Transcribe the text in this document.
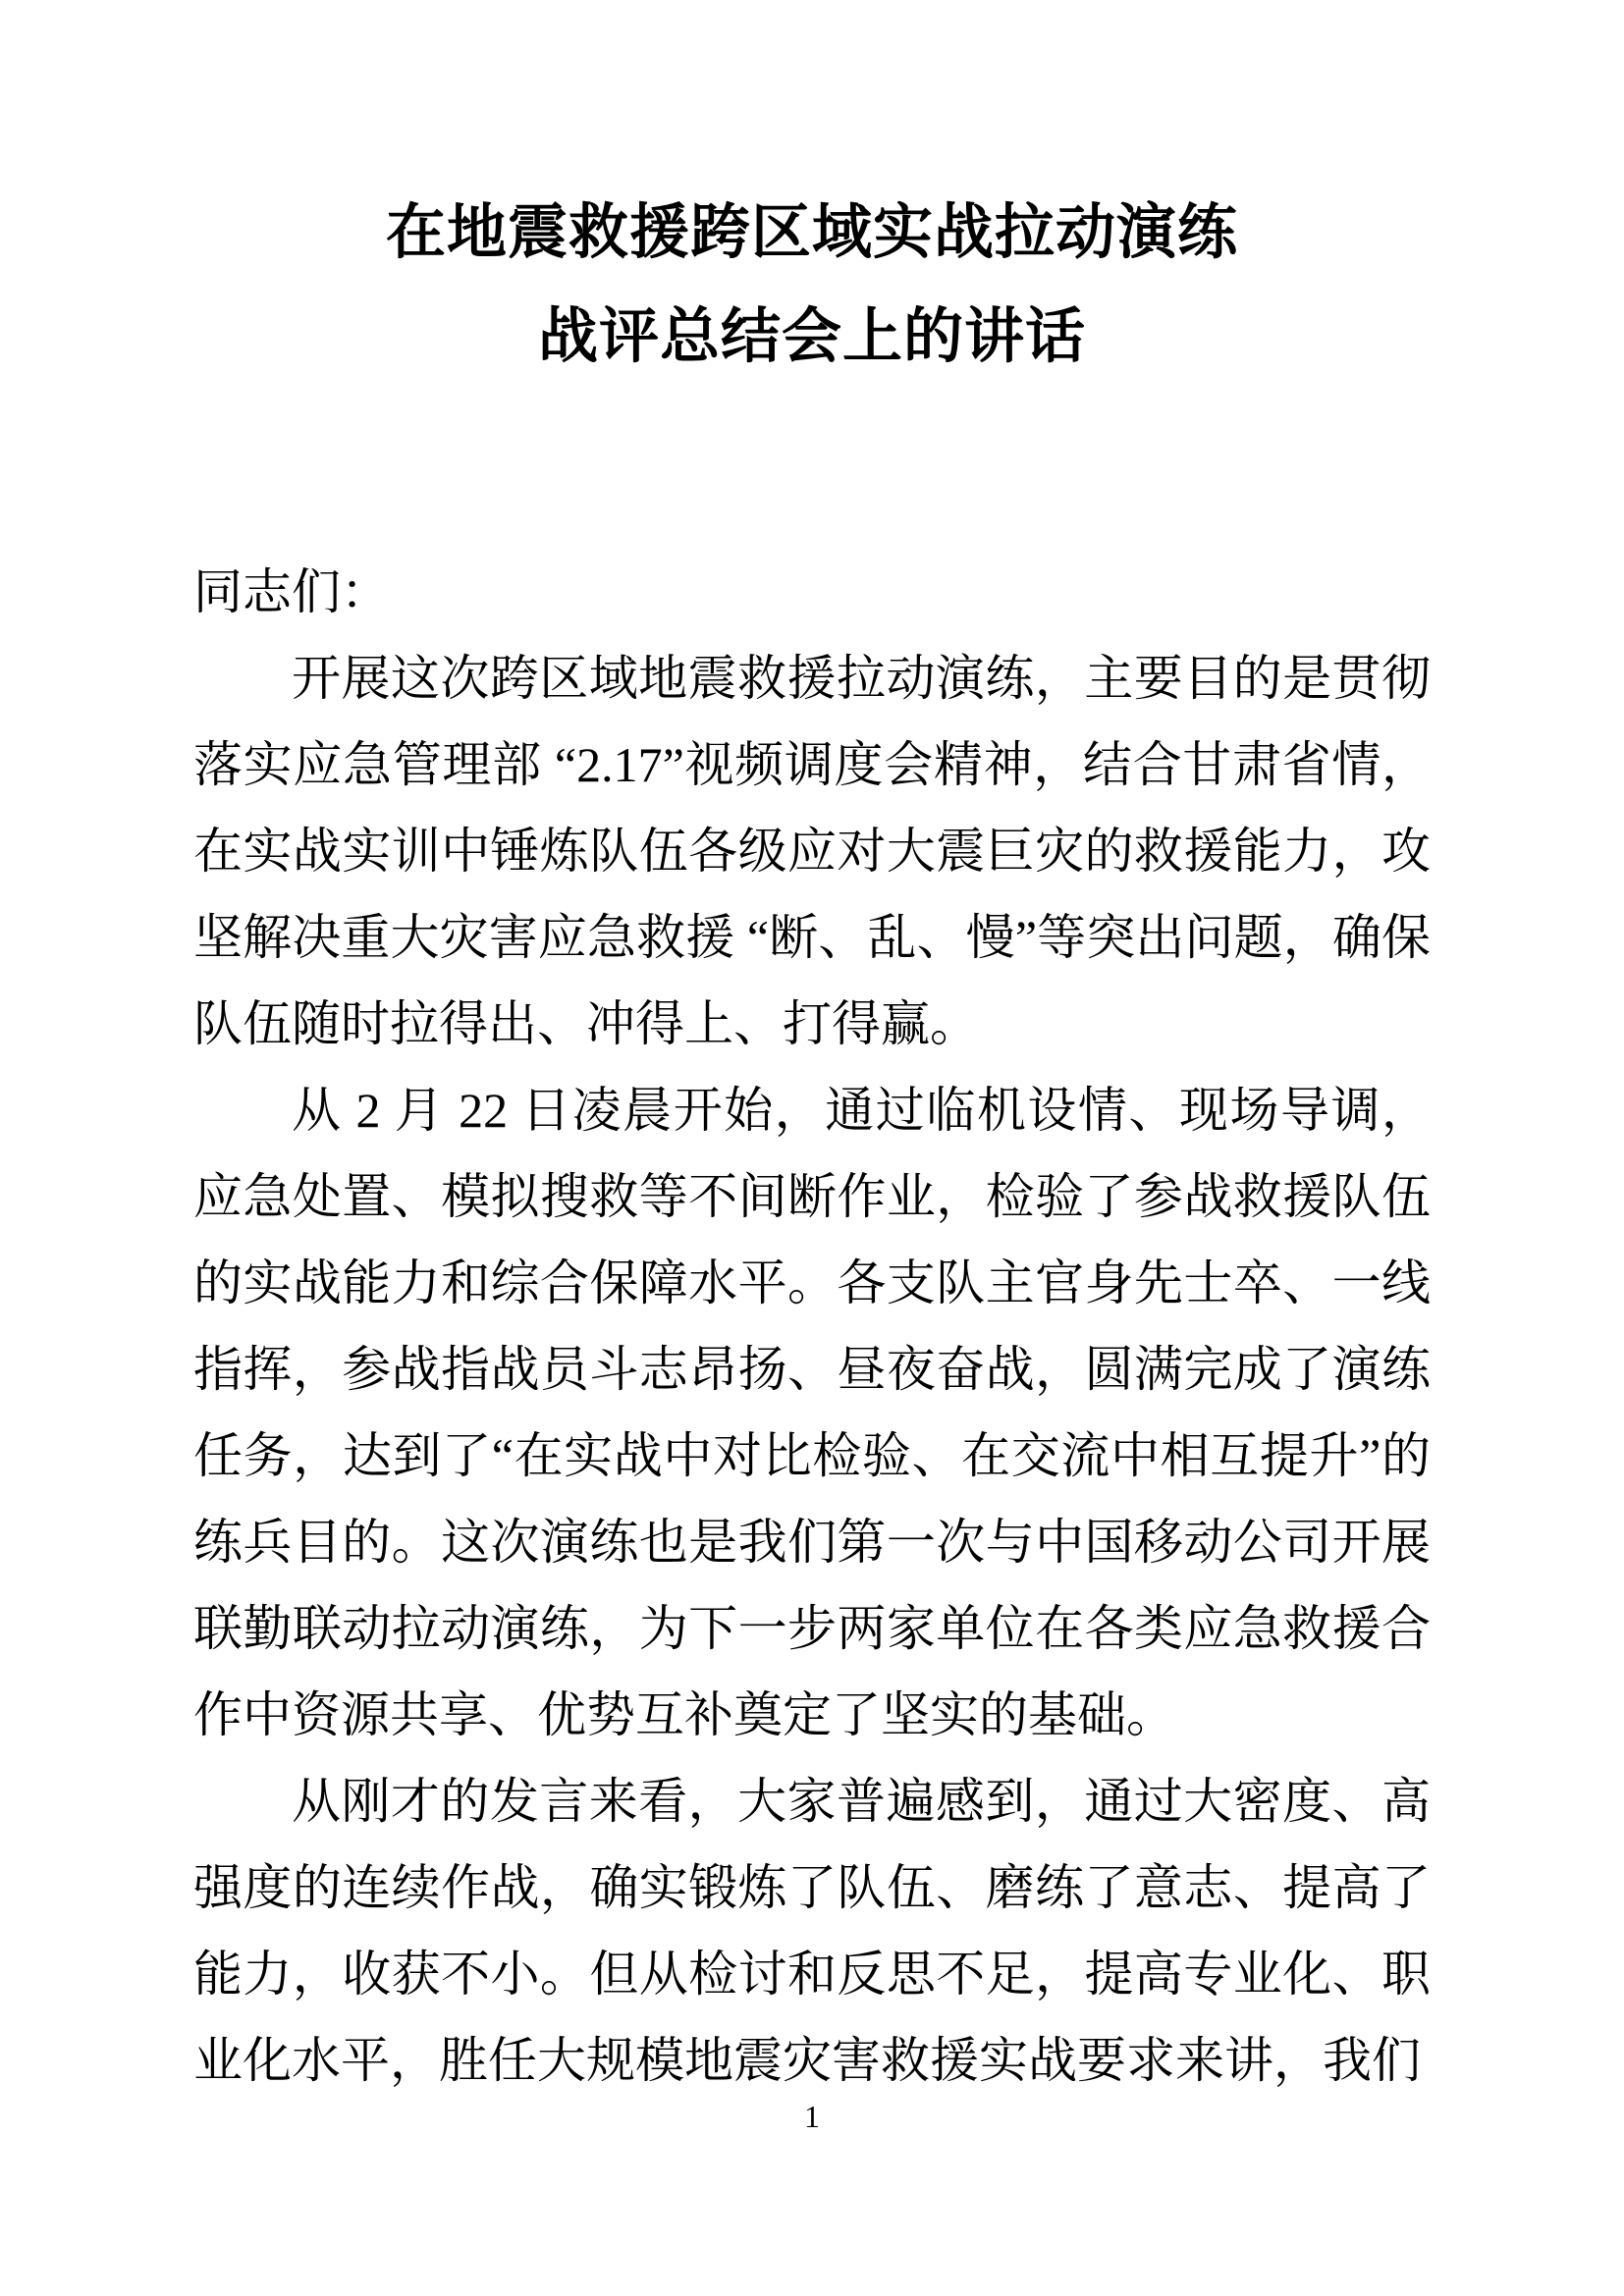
在地震救援跨区域实战拉动演练
战评总结会上的讲话

同志们：

开展这次跨区域地震救援拉动演练，主要目的是贯彻落实应急管理部 “2.17”视频调度会精神，结合甘肃省情，在实战实训中锤炼队伍各级应对大震巨灾的救援能力，攻坚解决重大灾害应急救援 “断、乱、慢”等突出问题，确保队伍随时拉得出、冲得上、打得赢。

从 2 月 22 日凌晨开始，通过临机设情、现场导调，应急处置、模拟搜救等不间断作业，检验了参战救援队伍的实战能力和综合保障水平。各支队主官身先士卒、一线指挥，参战指战员斗志昂扬、昼夜奋战，圆满完成了演练任务，达到了“在实战中对比检验、在交流中相互提升”的练兵目的。这次演练也是我们第一次与中国移动公司开展联勤联动拉动演练，为下一步两家单位在各类应急救援合作中资源共享、优势互补奠定了坚实的基础。

从刚才的发言来看，大家普遍感到，通过大密度、高强度的连续作战，确实锻炼了队伍、磨练了意志、提高了能力，收获不小。但从检讨和反思不足，提高专业化、职业化水平，胜任大规模地震灾害救援实战要求来讲，我们

1
